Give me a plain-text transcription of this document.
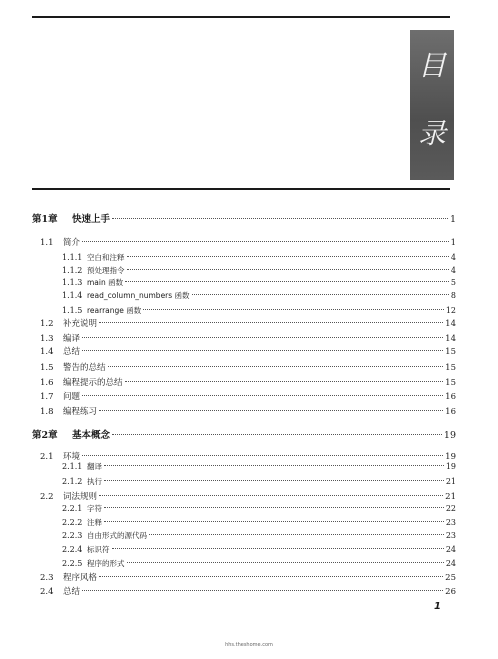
目
录
第1章	快速上手	1
1.1	简介	1
1.1.1 空白和注释	4
1.1.2 预处理指令	4
1.1.3 main 函数	5
1.1.4 read_column_numbers 函数	8
1.1.5 rearrange 函数	12
1.2	补充说明	14
1.3	编译	14
1.4	总结	15
1.5	警告的总结	15
1.6	编程提示的总结	15
1.7	问题	16
1.8	编程练习	16
第2章	基本概念	19
2.1	环境	19
2.1.1 翻译	19
2.1.2 执行	21
2.2	词法规则	21
2.2.1 字符	22
2.2.2 注释	23
2.2.3 自由形式的源代码	23
2.2.4 标识符	24
2.2.5 程序的形式	24
2.3	程序风格	25
2.4	总结	26
1
hhs.theshome.com
